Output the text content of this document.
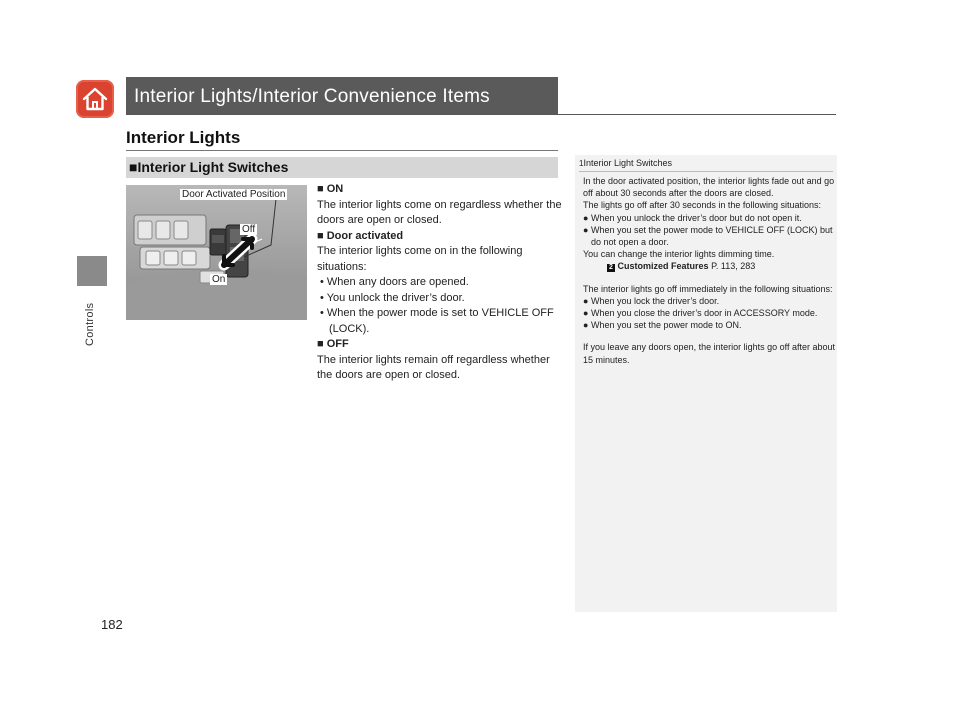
Interior Lights/Interior Convenience Items
Controls
Interior Lights
■Interior Light Switches
Door Activated Position
Off
On
■ ON
The interior lights come on regardless whether the doors are open or closed.
■ Door activated
The interior lights come on in the following situations:
• When any doors are opened.
• You unlock the driver’s door.
• When the power mode is set to VEHICLE OFF (LOCK).
■ OFF
The interior lights remain off regardless whether the doors are open or closed.
1Interior Light Switches
In the door activated position, the interior lights fade out and go off about 30 seconds after the doors are closed.
The lights go off after 30 seconds in the following situations:
● When you unlock the driver’s door but do not open it.
● When you set the power mode to VEHICLE OFF (LOCK) but do not open a door.
You can change the interior lights dimming time.
2 Customized Features P. 113, 283
The interior lights go off immediately in the following situations:
● When you lock the driver’s door.
● When you close the driver’s door in ACCESSORY mode.
● When you set the power mode to ON.
If you leave any doors open, the interior lights go off after about 15 minutes.
182
